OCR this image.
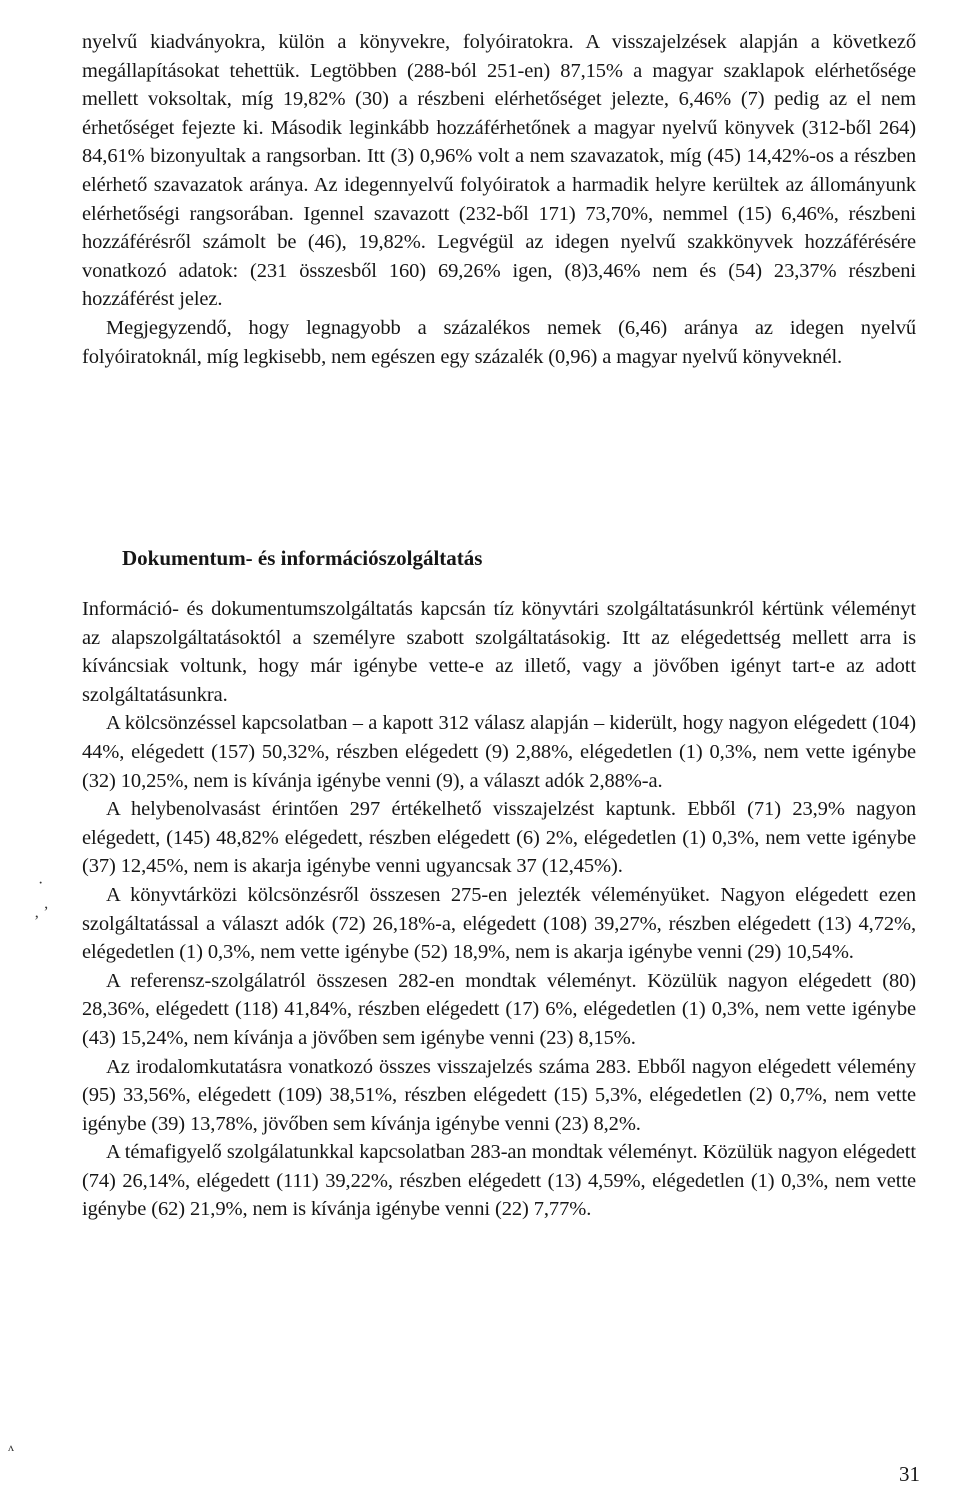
nyelvű kiadványokra, külön a könyvekre, folyóiratokra. A visszajelzések alapján a következő megállapításokat tehettük. Legtöbben (288-ból 251-en) 87,15% a magyar szaklapok elérhetősége mellett voksoltak, míg 19,82% (30) a részbeni elérhetőséget jelezte, 6,46% (7) pedig az el nem érhetőséget fejezte ki. Második leginkább hozzáférhetőnek a magyar nyelvű könyvek (312-ből 264) 84,61% bizonyultak a rangsorban. Itt (3) 0,96% volt a nem szavazatok, míg (45) 14,42%-os a részben elérhető szavazatok aránya. Az idegennyelvű folyóiratok a harmadik helyre kerültek az állományunk elérhetőségi rangsorában. Igennel szavazott (232-ből 171) 73,70%, nemmel (15) 6,46%, részbeni hozzáférésről számolt be (46), 19,82%. Legvégül az idegen nyelvű szakkönyvek hozzáférésére vonatkozó adatok: (231 összesből 160) 69,26% igen, (8)3,46% nem és (54) 23,37% részbeni hozzáférést jelez.

Megjegyzendő, hogy legnagyobb a százalékos nemek (6,46) aránya az idegen nyelvű folyóiratoknál, míg legkisebb, nem egészen egy százalék (0,96) a magyar nyelvű könyveknél.

Dokumentum- és információszolgáltatás

Információ- és dokumentumszolgáltatás kapcsán tíz könyvtári szolgáltatásunkról kértünk véleményt az alapszolgáltatásoktól a személyre szabott szolgáltatásokig. Itt az elégedettség mellett arra is kíváncsiak voltunk, hogy már igénybe vette-e az illető, vagy a jövőben igényt tart-e az adott szolgáltatásunkra.

A kölcsönzéssel kapcsolatban – a kapott 312 válasz alapján – kiderült, hogy nagyon elégedett (104) 44%, elégedett (157) 50,32%, részben elégedett (9) 2,88%, elégedetlen (1) 0,3%, nem vette igénybe (32) 10,25%, nem is kívánja igénybe venni (9), a választ adók 2,88%-a.

A helybenolvasást érintően 297 értékelhető visszajelzést kaptunk. Ebből (71) 23,9% nagyon elégedett, (145) 48,82% elégedett, részben elégedett (6) 2%, elégedetlen (1) 0,3%, nem vette igénybe (37) 12,45%, nem is akarja igénybe venni ugyancsak 37 (12,45%).

A könyvtárközi kölcsönzésről összesen 275-en jelezték véleményüket. Nagyon elégedett ezen szolgáltatással a választ adók (72) 26,18%-a, elégedett (108) 39,27%, részben elégedett (13) 4,72%, elégedetlen (1) 0,3%, nem vette igénybe (52) 18,9%, nem is akarja igénybe venni (29) 10,54%.

A referensz-szolgálatról összesen 282-en mondtak véleményt. Közülük nagyon elégedett (80) 28,36%, elégedett (118) 41,84%, részben elégedett (17) 6%, elégedetlen (1) 0,3%, nem vette igénybe (43) 15,24%, nem kívánja a jövőben sem igénybe venni (23) 8,15%.

Az irodalomkutatásra vonatkozó összes visszajelzés száma 283. Ebből nagyon elégedett vélemény (95) 33,56%, elégedett (109) 38,51%, részben elégedett (15) 5,3%, elégedetlen (2) 0,7%, nem vette igénybe (39) 13,78%, jövőben sem kívánja igénybe venni (23) 8,2%.

A témafigyelő szolgálatunkkal kapcsolatban 283-an mondtak véleményt. Közülük nagyon elégedett (74) 26,14%, elégedett (111) 39,22%, részben elégedett (13) 4,59%, elégedetlen (1) 0,3%, nem vette igénybe (62) 21,9%, nem is kívánja igénybe venni (22) 7,77%.

·
‚ ’
ʌ
31
